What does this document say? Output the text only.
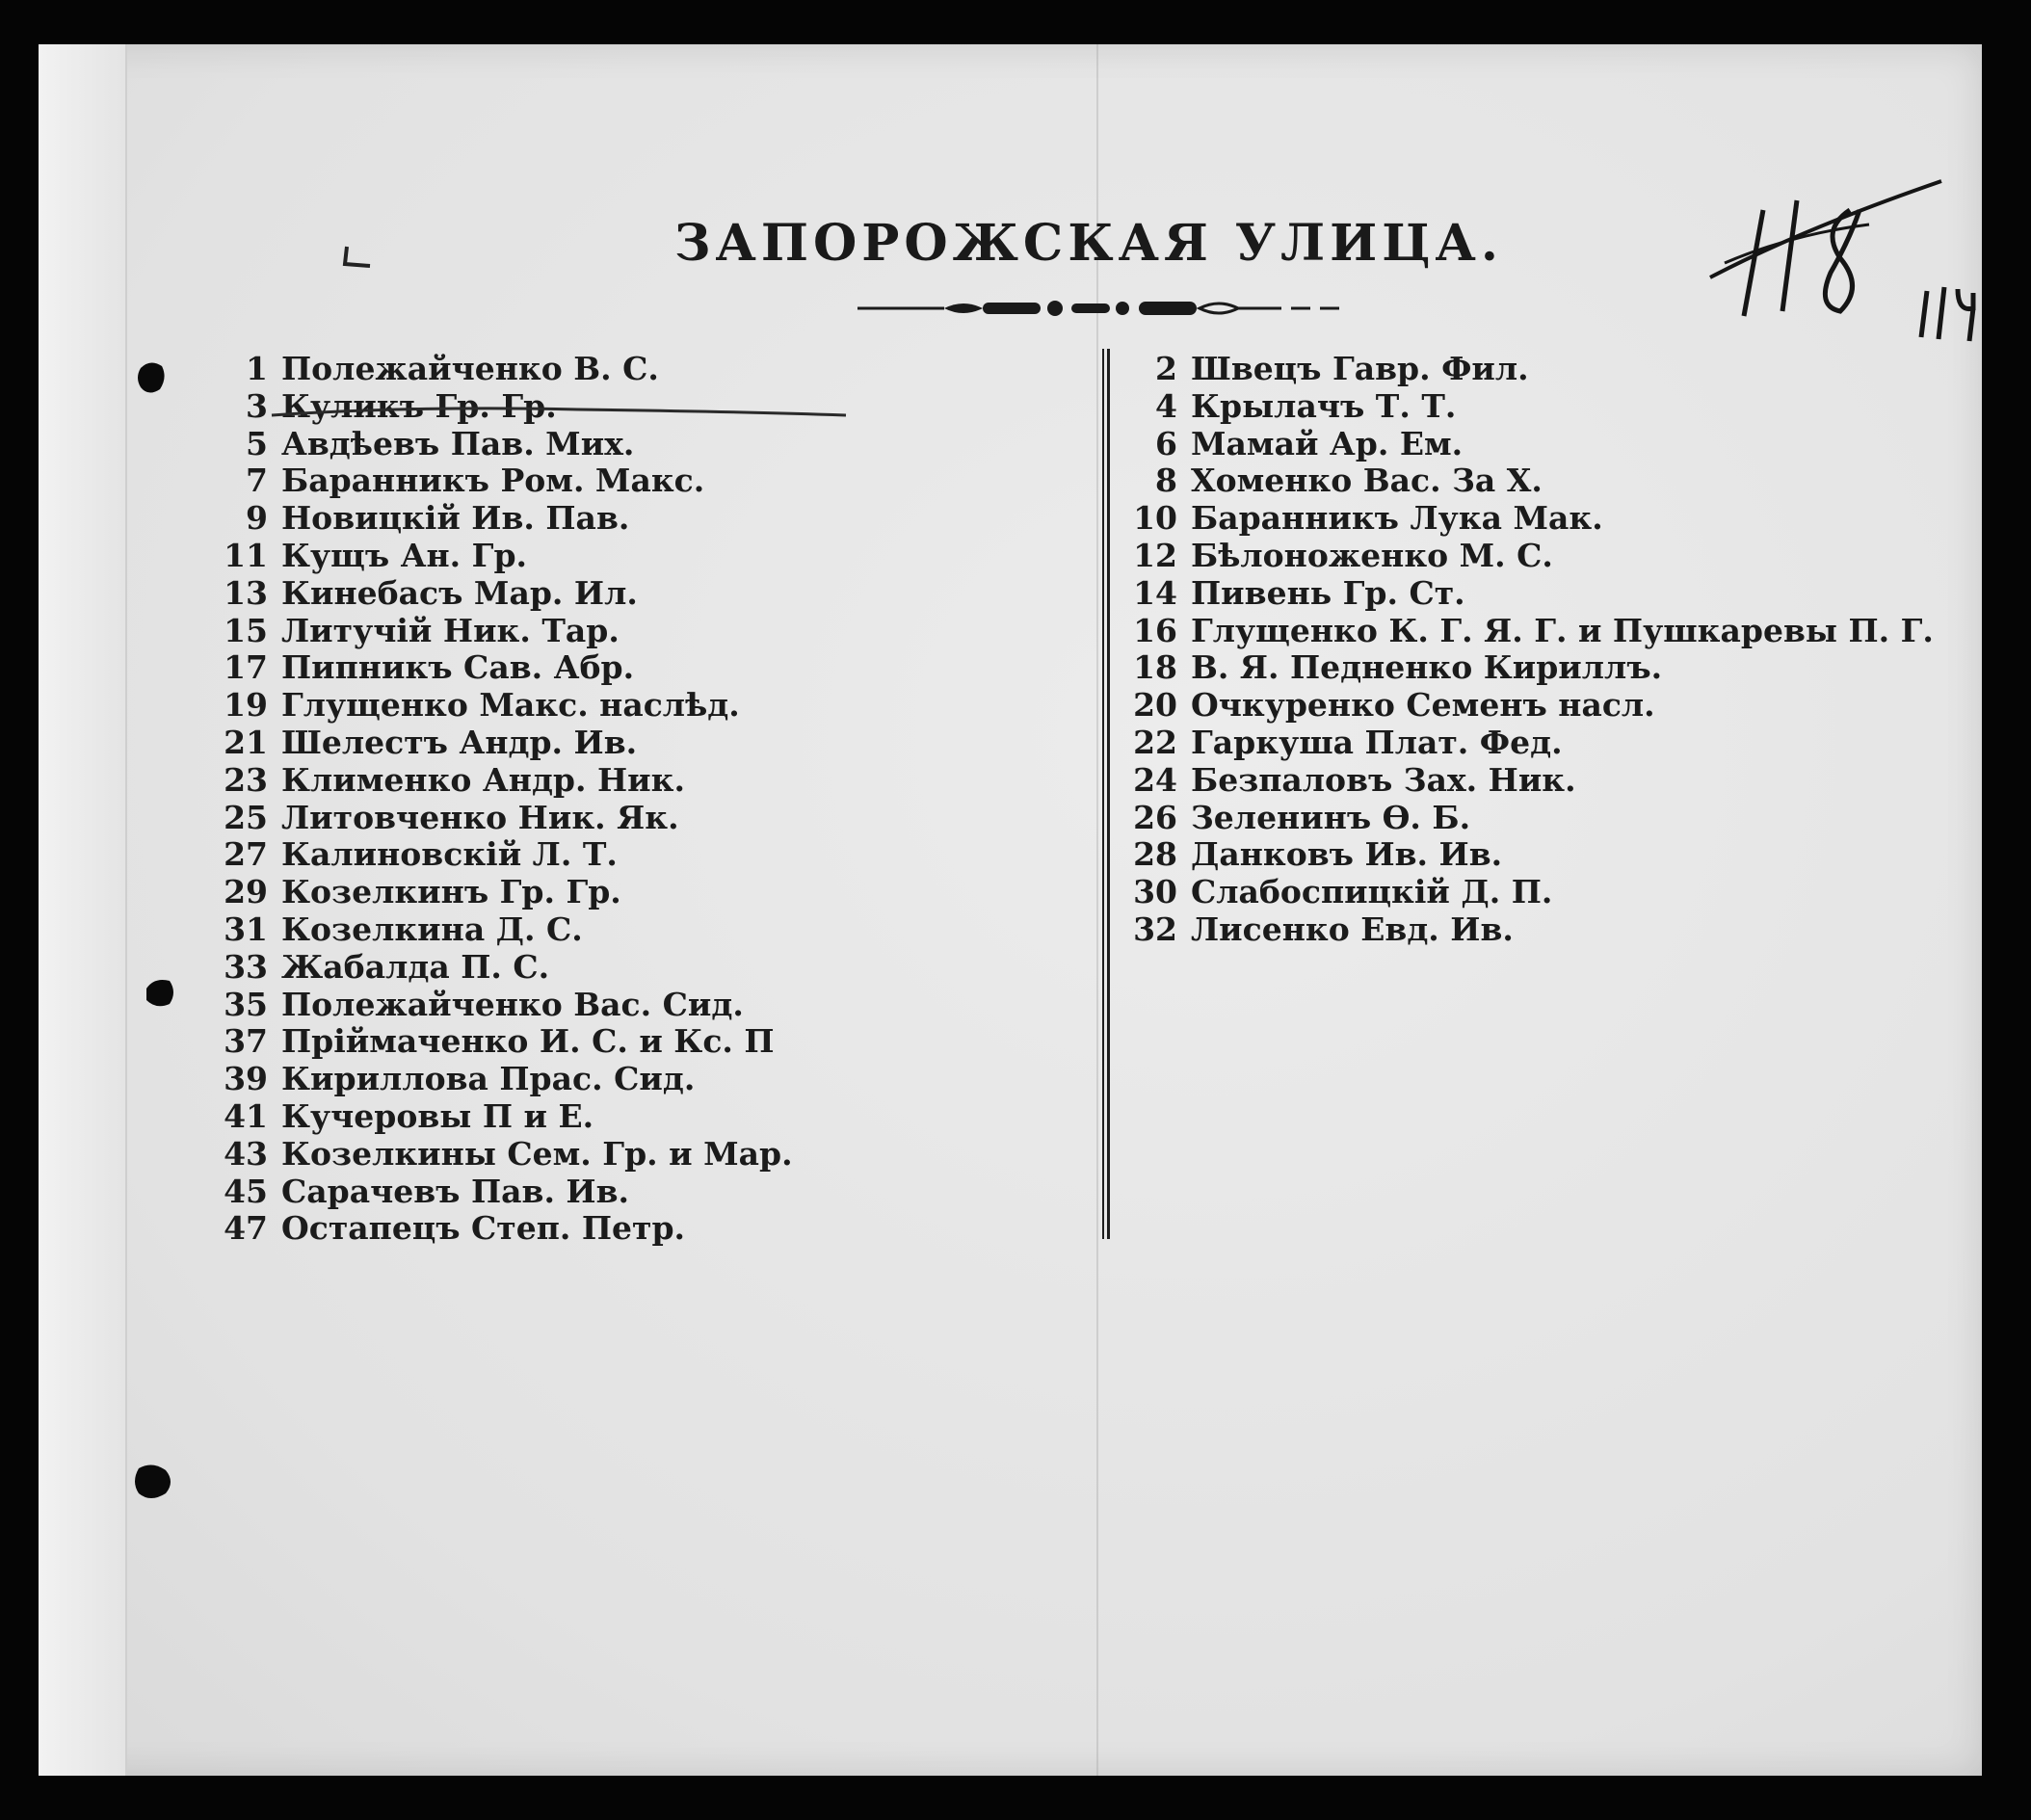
ЗАПОРОЖСКАЯ УЛИЦА.
1 Полежайченко В. С.
3 Куликъ Гр. Гр.
5 Авдѣевъ Пав. Мих.
7 Баранникъ Ром. Макс.
9 Новицкій Ив. Пав.
11 Кущъ Ан. Гр.
13 Кинебасъ Мар. Ил.
15 Литучій Ник. Тар.
17 Пипникъ Сав. Абр.
19 Глущенко Макс. наслѣд.
21 Шелестъ Андр. Ив.
23 Клименко Андр. Ник.
25 Литовченко Ник. Як.
27 Калиновскій Л. Т.
29 Козелкинъ Гр. Гр.
31 Козелкина Д. С.
33 Жабалда П. С.
35 Полежайченко Вас. Сид.
37 Пріймаченко И. С. и Кс. П
39 Кириллова Прас. Сид.
41 Кучеровы П и Е.
43 Козелкины Сем. Гр. и Мар.
45 Сарачевъ Пав. Ив.
47 Остапецъ Степ. Петр.
2 Швецъ Гавр. Фил.
4 Крылачъ Т. Т.
6 Мамай Ар. Ем.
8 Хоменко Вас. За Х.
10 Баранникъ Лука Мак.
12 Бѣлоноженко М. С.
14 Пивень Гр. Ст.
16 Глущенко К. Г. Я. Г. и Пушкаревы П. Г.
18 В. Я. Педненко Кириллъ.
20 Очкуренко Семенъ насл.
22 Гаркуша Плат. Фед.
24 Безпаловъ Зах. Ник.
26 Зеленинъ Ѳ. Б.
28 Данковъ Ив. Ив.
30 Слабоспицкій Д. П.
32 Лисенко Евд. Ив.
